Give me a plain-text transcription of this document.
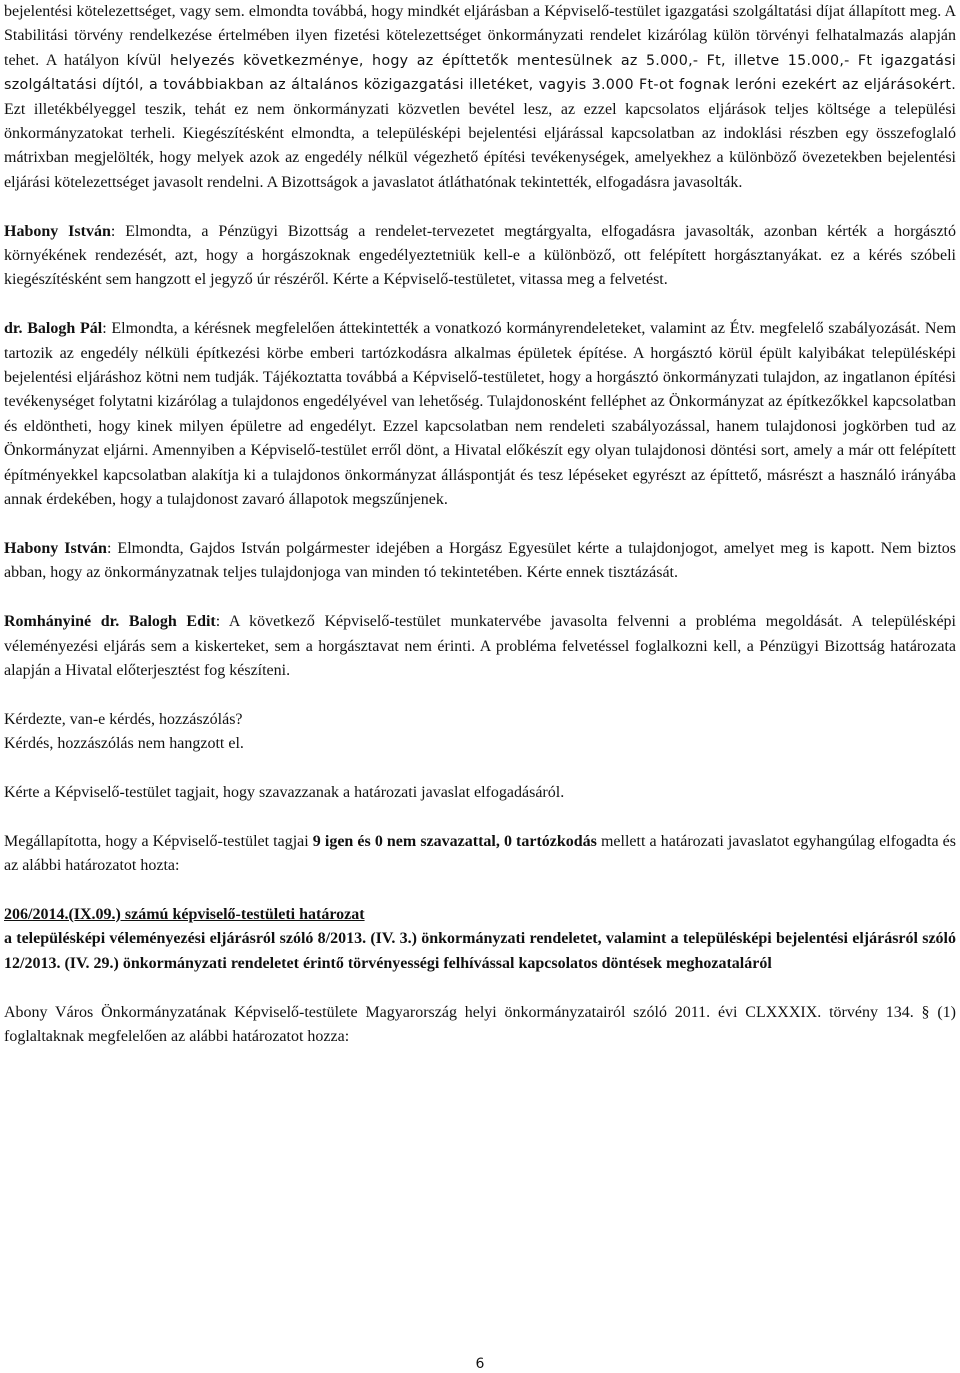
bejelentési kötelezettséget, vagy sem. elmondta továbbá, hogy mindkét eljárásban a Képviselő-testület igazgatási szolgáltatási díjat állapított meg. A Stabilitási törvény rendelkezése értelmében ilyen fizetési kötelezettséget önkormányzati rendelet kizárólag külön törvényi felhatalmazás alapján tehet. A hatályon kívül helyezés következménye, hogy az építtetők mentesülnek az 5.000,- Ft, illetve 15.000,- Ft igazgatási szolgáltatási díjtól, a továbbiakban az általános közigazgatási illetéket, vagyis 3.000 Ft-ot fognak leróni ezekért az eljárásokért. Ezt illetékbélyeggel teszik, tehát ez nem önkormányzati közvetlen bevétel lesz, az ezzel kapcsolatos eljárások teljes költsége a települési önkormányzatokat terheli. Kiegészítésként elmondta, a településképi bejelentési eljárással kapcsolatban az indoklási részben egy összefoglaló mátrixban megjelölték, hogy melyek azok az engedély nélkül végezhető építési tevékenységek, amelyekhez a különböző övezetekben bejelentési eljárási kötelezettséget javasolt rendelni. A Bizottságok a javaslatot átláthatónak tekintették, elfogadásra javasolták.

Habony István: Elmondta, a Pénzügyi Bizottság a rendelet-tervezetet megtárgyalta, elfogadásra javasolták, azonban kérték a horgásztó környékének rendezését, azt, hogy a horgászoknak engedélyeztetniük kell-e a különböző, ott felépített horgásztanyákat. ez a kérés szóbeli kiegészítésként sem hangzott el jegyző úr részéről. Kérte a Képviselő-testületet, vitassa meg a felvetést.

dr. Balogh Pál: Elmondta, a kérésnek megfelelően áttekintették a vonatkozó kormányrendeleteket, valamint az Étv. megfelelő szabályozását. Nem tartozik az engedély nélküli építkezési körbe emberi tartózkodásra alkalmas épületek építése. A horgásztó körül épült kalyibákat településképi bejelentési eljáráshoz kötni nem tudják. Tájékoztatta továbbá a Képviselő-testületet, hogy a horgásztó önkormányzati tulajdon, az ingatlanon építési tevékenységet folytatni kizárólag a tulajdonos engedélyével van lehetőség. Tulajdonosként felléphet az Önkormányzat az építkezőkkel kapcsolatban és eldöntheti, hogy kinek milyen épületre ad engedélyt. Ezzel kapcsolatban nem rendeleti szabályozással, hanem tulajdonosi jogkörben tud az Önkormányzat eljárni. Amennyiben a Képviselő-testület erről dönt, a Hivatal előkészít egy olyan tulajdonosi döntési sort, amely a már ott felépített építményekkel kapcsolatban alakítja ki a tulajdonos önkormányzat álláspontját és tesz lépéseket egyrészt az építtető, másrészt a használó irányába annak érdekében, hogy a tulajdonost zavaró állapotok megszűnjenek.

Habony István: Elmondta, Gajdos István polgármester idejében a Horgász Egyesület kérte a tulajdonjogot, amelyet meg is kapott. Nem biztos abban, hogy az önkormányzatnak teljes tulajdonjoga van minden tó tekintetében. Kérte ennek tisztázását.

Romhányiné dr. Balogh Edit: A következő Képviselő-testület munkatervébe javasolta felvenni a probléma megoldását. A településképi véleményezési eljárás sem a kiskerteket, sem a horgásztavat nem érinti. A probléma felvetéssel foglalkozni kell, a Pénzügyi Bizottság határozata alapján a Hivatal előterjesztést fog készíteni.

Kérdezte, van-e kérdés, hozzászólás?

Kérdés, hozzászólás nem hangzott el.

Kérte a Képviselő-testület tagjait, hogy szavazzanak a határozati javaslat elfogadásáról.

Megállapította, hogy a Képviselő-testület tagjai 9 igen és 0 nem szavazattal, 0 tartózkodás mellett a határozati javaslatot egyhangúlag elfogadta és az alábbi határozatot hozta:

206/2014.(IX.09.) számú képviselő-testületi határozat

a településképi véleményezési eljárásról szóló 8/2013. (IV. 3.) önkormányzati rendeletet, valamint a településképi bejelentési eljárásról szóló 12/2013. (IV. 29.) önkormányzati rendeletet érintő törvényességi felhívással kapcsolatos döntések meghozataláról

Abony Város Önkormányzatának Képviselő-testülete Magyarország helyi önkormányzatairól szóló 2011. évi CLXXXIX. törvény 134. § (1) foglaltaknak megfelelően az alábbi határozatot hozza:

6
